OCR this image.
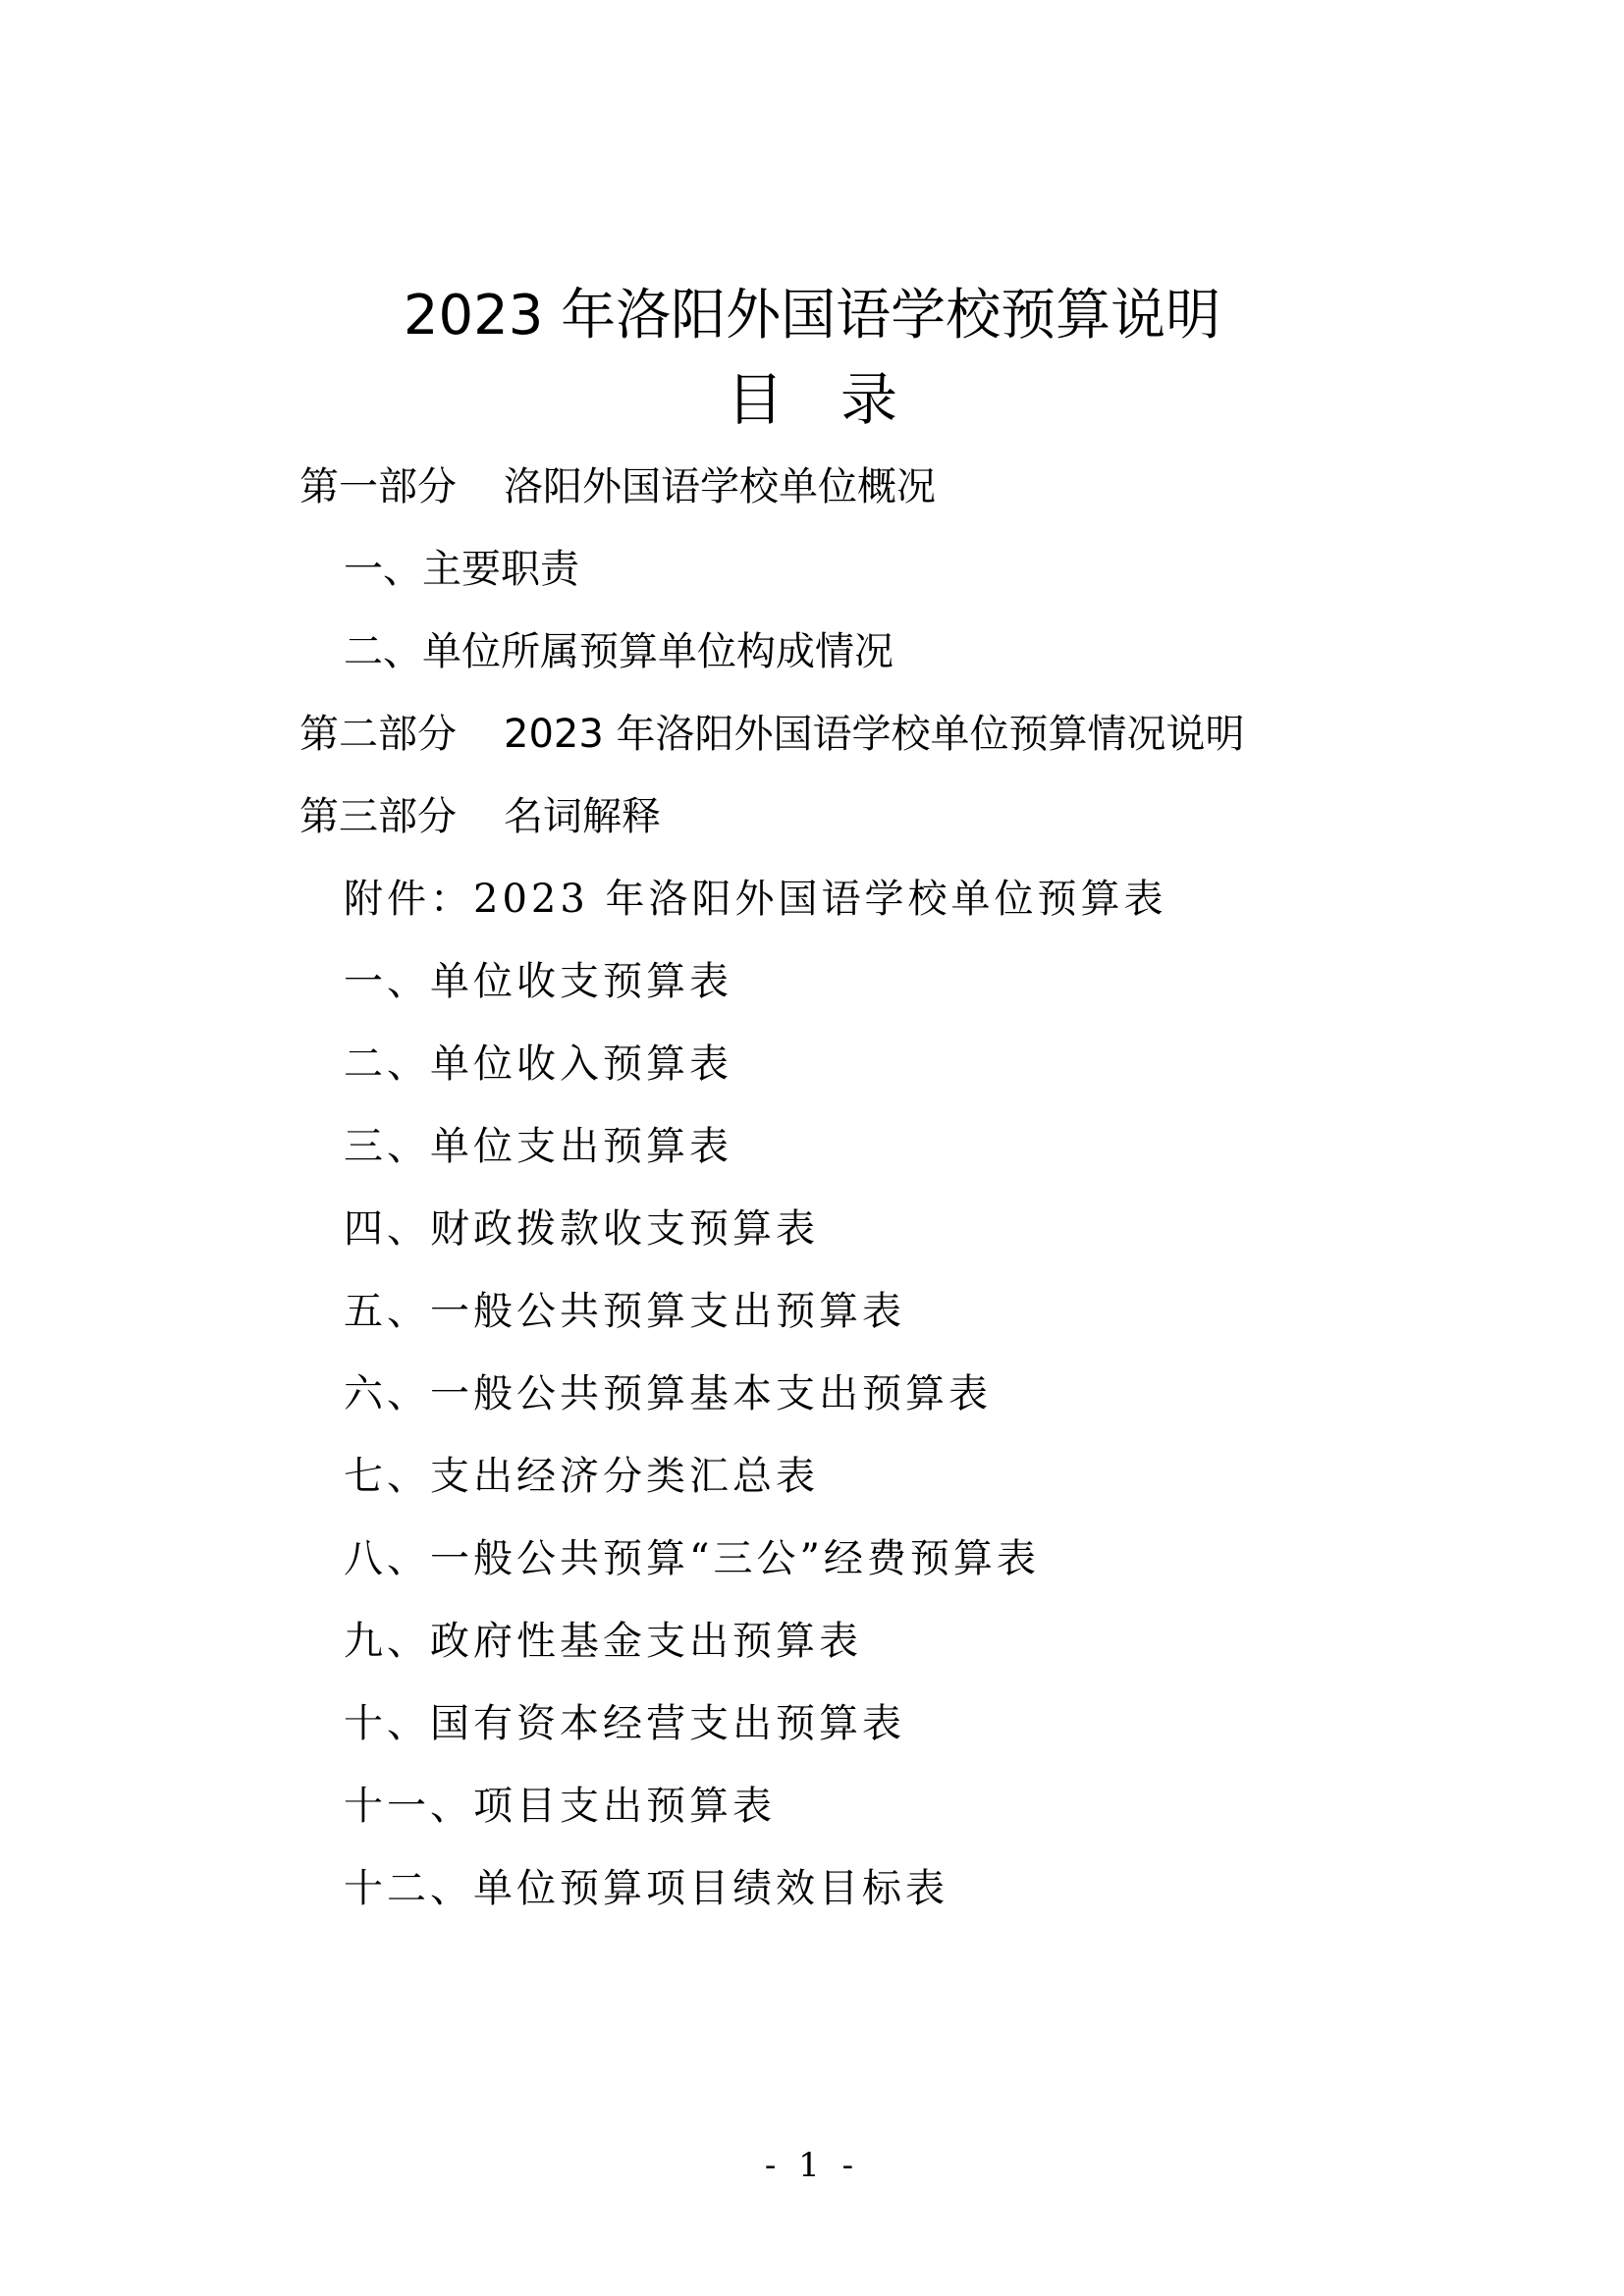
2023 年洛阳外国语学校预算说明
目　录
第一部分 洛阳外国语学校单位概况
一、主要职责
二、单位所属预算单位构成情况
第二部分 2023 年洛阳外国语学校单位预算情况说明
第三部分 名词解释
附件：2023 年洛阳外国语学校单位预算表
一、单位收支预算表
二、单位收入预算表
三、单位支出预算表
四、财政拨款收支预算表
五、一般公共预算支出预算表
六、一般公共预算基本支出预算表
七、支出经济分类汇总表
八、一般公共预算“三公”经费预算表
九、政府性基金支出预算表
十、国有资本经营支出预算表
十一、项目支出预算表
十二、单位预算项目绩效目标表
- 1 -
